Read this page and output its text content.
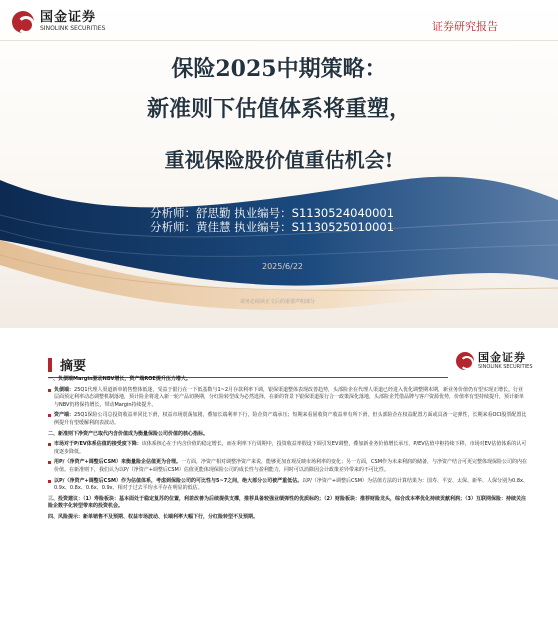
国金证券
SINOLINK SECURITIES	证券研究报告
保险2025中期策略：
新准则下估值体系将重塑，
重视保险股价值重估机会!
分析师：舒思勤 执业编号：S1130524040001
分析师：黄佳慧 执业编号：S1130525010001
2025/6/22
请务必阅读正文后的重要声明部分
摘要
国金证券
SINOLINK SECURITIES

一、负债端Margin驱动NBV增长，资产端ROE提升压力增大。

负债端：25Q1代理人渠道新单销售整体低迷，受益于银行在一下低基数与1~2月存款利率下调，银保渠道整体表现改善趋势，头部险企在代理人渠道已经进入优化调整期末期，新业务价值仍有望实现正增长。行业层面预定利率动态调整机制落地，预计险企将进入新一轮产品切换期，分红险转型成为必然选择，在新的背景下银保渠道报行合一政策深化落地，头部险企凭借品牌与客户资源优势，价值率有望持续提升，预计新单与NBV仍将保持增长，带动Margin持续提升。

资产端：25Q1保险公司总投资收益率同比下滑，权益市场震荡加剧，叠加长端利率下行，险企资产端承压；短期来看固收资产收益率有所下滑，但头部险企在权益配置方面或具备一定弹性，长期来看OCI股票配置比例提升有望缓解利润表波动。

二、新准则下净资产已取代内含价值成为衡量保险公司价值的核心指标。

市场对于P/EV体系估值的接受度下降：该体系核心在于内含价值的稳定增长，而在利率下行周期中，投资收益率假设下调引发EV调整，叠加新业务价值增长承压，P/EV估值中枢持续下移，市场对EV估值体系的认可度逐步降低。

用P/（净资产+调整后CSM）来衡量险企估值更为合理。一方面，净资产相对调整净资产来说，能够更加直观反映市场利率的变化；另一方面，CSM作为未来利润的储备，与净资产结合可更完整体现保险公司的内在价值。在新准则下，我们认为以P/（净资产+调整后CSM）估值更能体现保险公司的成长性与盈利能力，同时可以消除因会计政策差异带来的不可比性。

以P/（净资产+调整后CSM）作为估值体系，考虑到保险公司的可比性与5~7之间，绝大部分公司被严重低估。以P/（净资产+调整后CSM）为估值方法的计算结果为：国寿、平安、太保、新华、人保分别为0.8x、0.9x、0.8x、0.6x、0.9x，相对于过去平均水平存在明显的低估。

三、投资建议：（1）寿险板块：基本面处于稳定复苏的位置，利差改善为后续提供支撑，推荐具备较强业绩弹性的优质标的；（2）财险板块：推荐财险龙头，综合成本率优化持续贡献利润；（3）互联网保险：持续关注险企数字化转型带来的投资机会。

四、风险提示：新单销售不及预期、权益市场波动、长端利率大幅下行，分红险转型不及预期。
